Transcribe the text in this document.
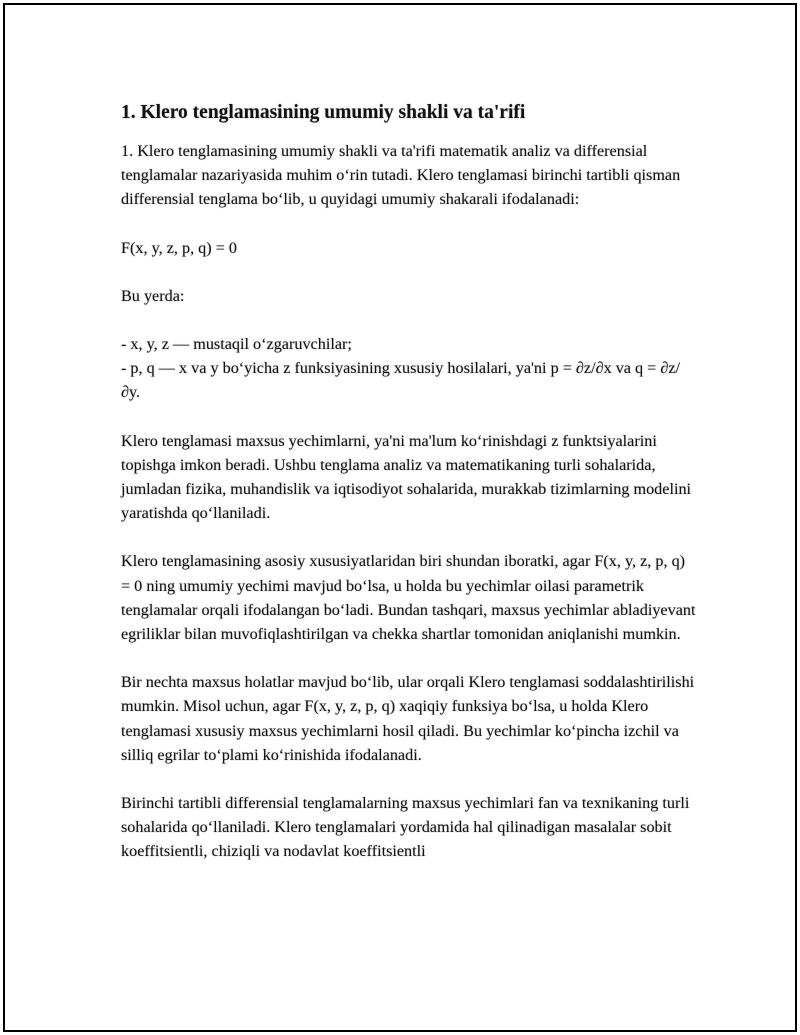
1. Klero tenglamasining umumiy shakli va ta'rifi

1. Klero tenglamasining umumiy shakli va ta'rifi matematik analiz va differensial tenglamalar nazariyasida muhim o‘rin tutadi. Klero tenglamasi birinchi tartibli qisman differensial tenglama bo‘lib, u quyidagi umumiy shakarali ifodalanadi:

F(x, y, z, p, q) = 0

Bu yerda:

- x, y, z — mustaqil o‘zgaruvchilar;
- p, q — x va y bo‘yicha z funksiyasining xususiy hosilalari, ya'ni p = ∂z/∂x va q = ∂z/∂y.

Klero tenglamasi maxsus yechimlarni, ya'ni ma'lum ko‘rinishdagi z funktsiyalarini topishga imkon beradi. Ushbu tenglama analiz va matematikaning turli sohalarida, jumladan fizika, muhandislik va iqtisodiyot sohalarida, murakkab tizimlarning modelini yaratishda qo‘llaniladi.

Klero tenglamasining asosiy xususiyatlaridan biri shundan iboratki, agar F(x, y, z, p, q) = 0 ning umumiy yechimi mavjud bo‘lsa, u holda bu yechimlar oilasi parametrik tenglamalar orqali ifodalangan bo‘ladi. Bundan tashqari, maxsus yechimlar abladiyevant egriliklar bilan muvofiqlashtirilgan va chekka shartlar tomonidan aniqlanishi mumkin.

Bir nechta maxsus holatlar mavjud bo‘lib, ular orqali Klero tenglamasi soddalashtirilishi mumkin. Misol uchun, agar F(x, y, z, p, q) xaqiqiy funksiya bo‘lsa, u holda Klero tenglamasi xususiy maxsus yechimlarni hosil qiladi. Bu yechimlar ko‘pincha izchil va silliq egrilar to‘plami ko‘rinishida ifodalanadi.

Birinchi tartibli differensial tenglamalarning maxsus yechimlari fan va texnikaning turli sohalarida qo‘llaniladi. Klero tenglamalari yordamida hal qilinadigan masalalar sobit koeffitsientli, chiziqli va nodavlat koeffitsientli
